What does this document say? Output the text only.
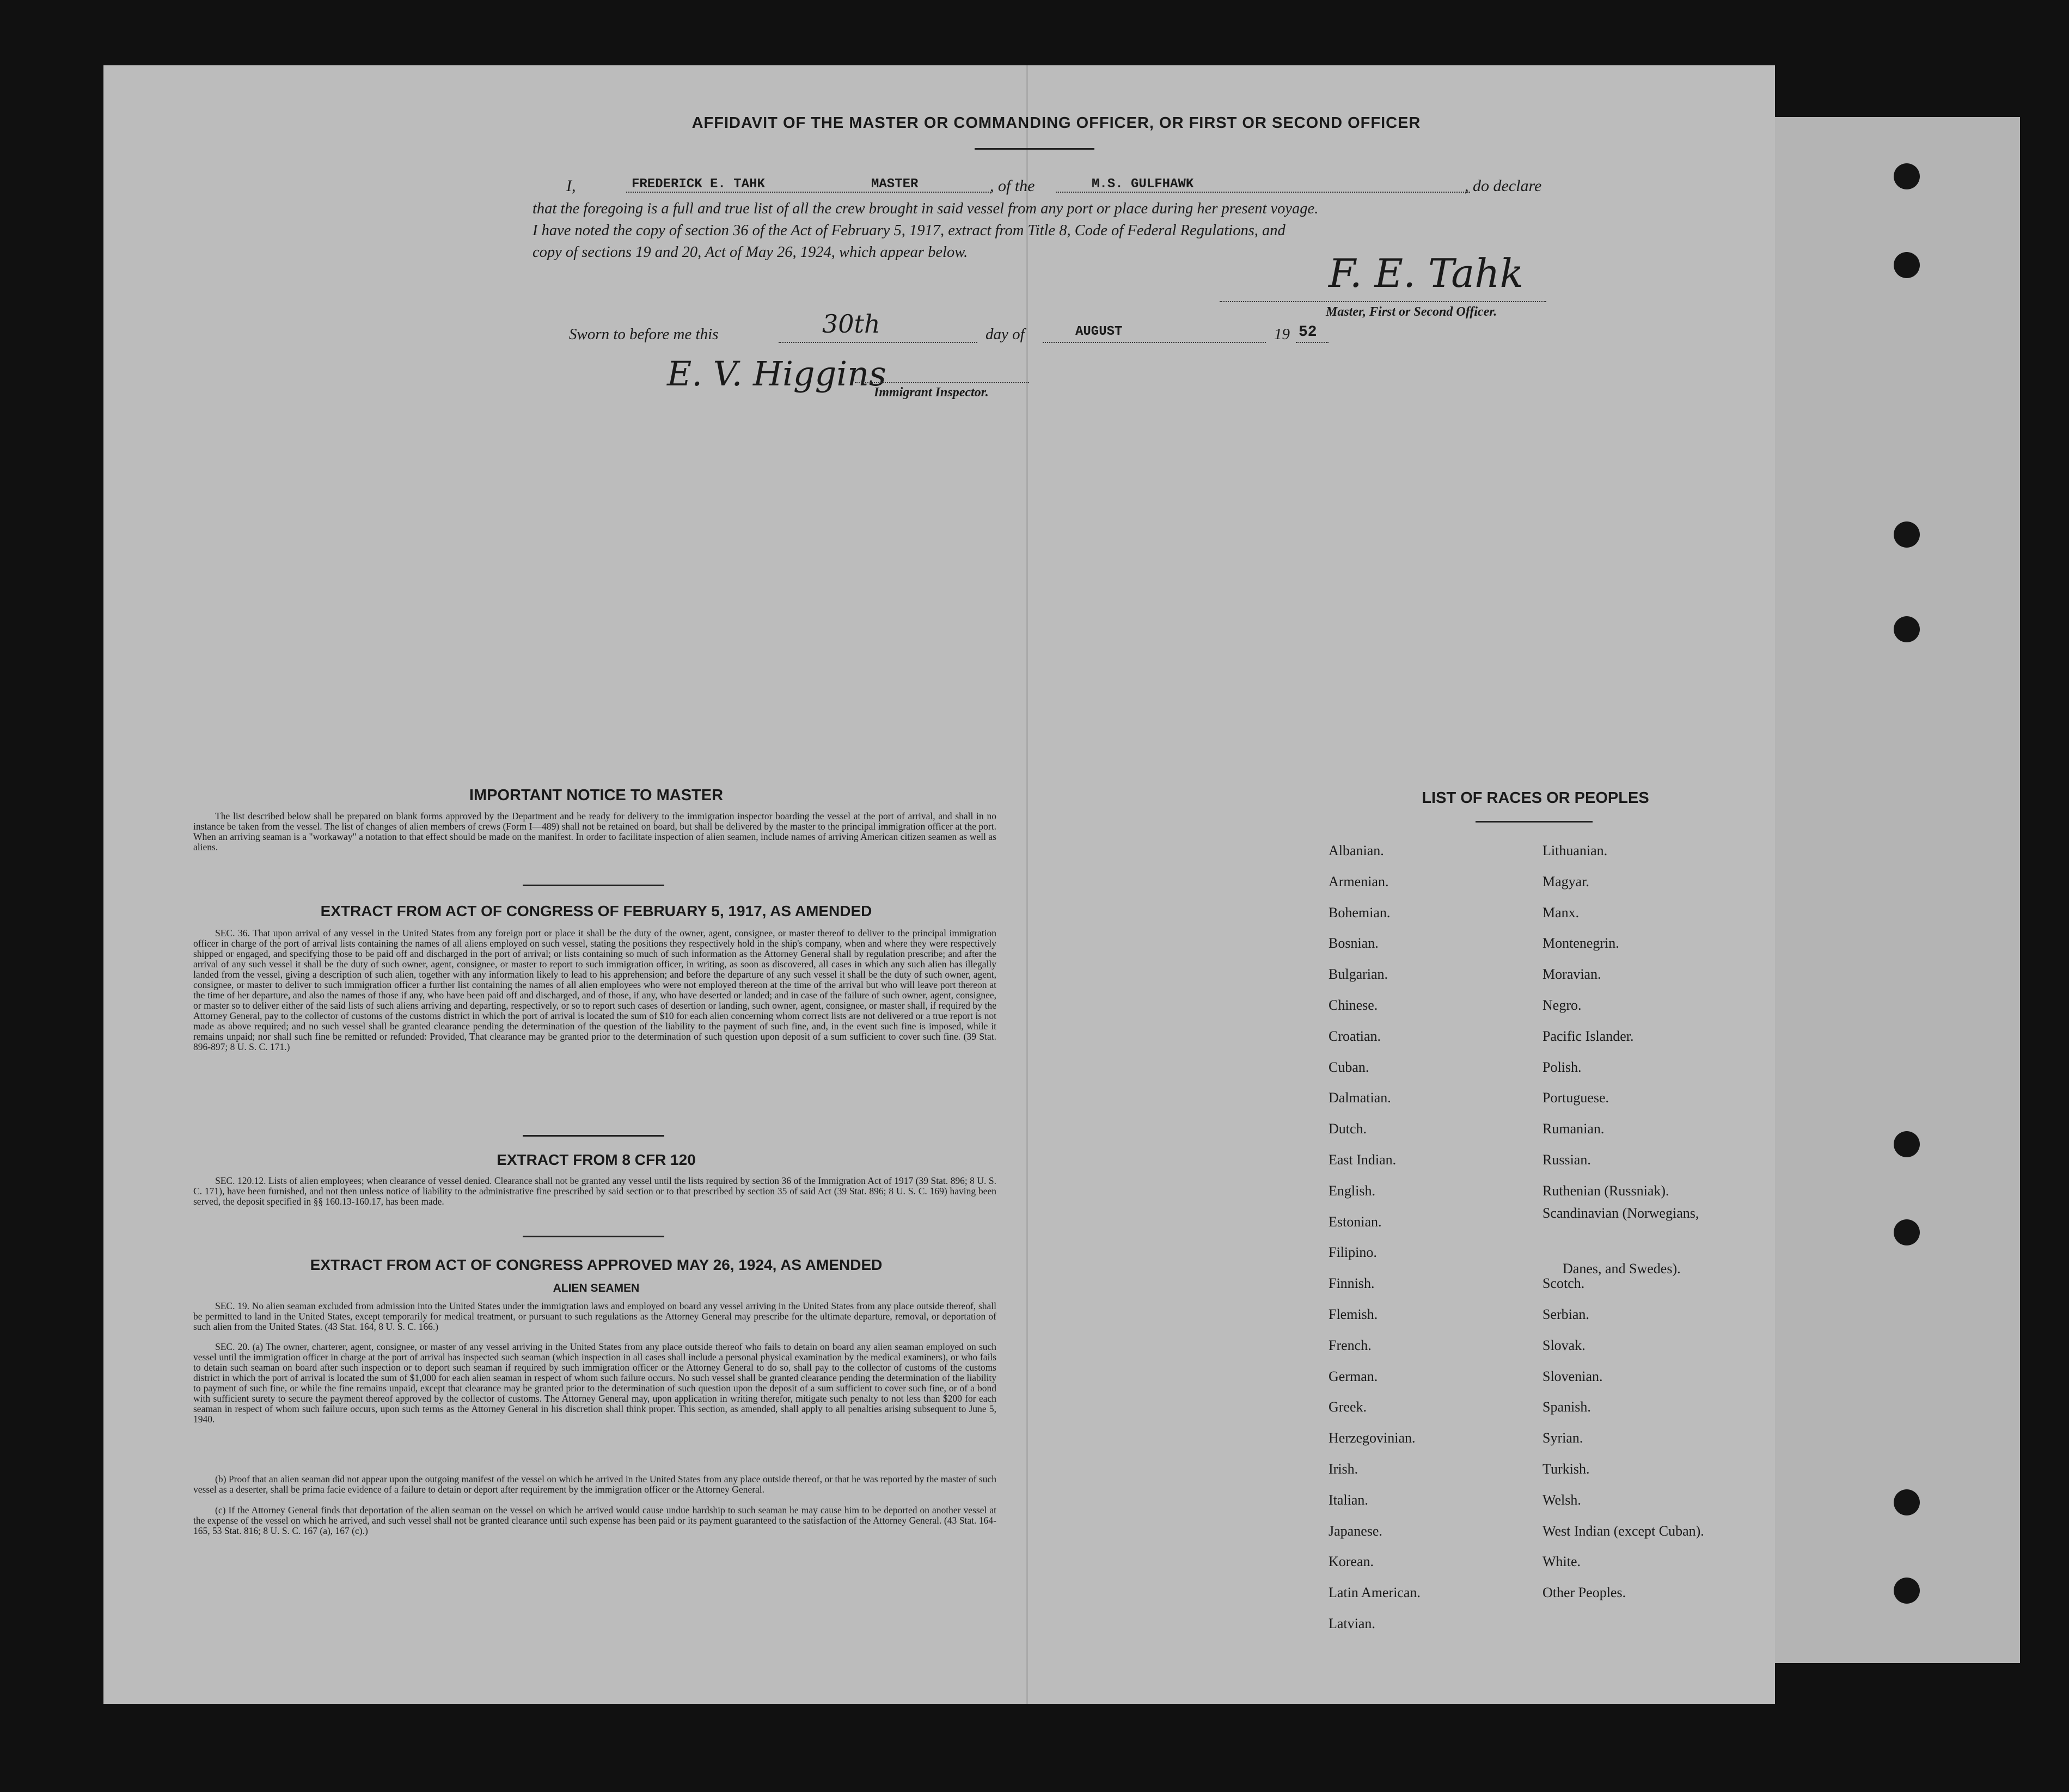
AFFIDAVIT OF THE MASTER OR COMMANDING OFFICER, OR FIRST OR SECOND OFFICER
I,	FREDERICK E. TAHK	MASTER	, of the	M.S. GULFHAWK	, do declare
that the foregoing is a full and true list of all the crew brought in said vessel from any port or place during her present voyage.
I have noted the copy of section 36 of the Act of February 5, 1917, extract from Title 8, Code of Federal Regulations, and
copy of sections 19 and 20, Act of May 26, 1924, which appear below.	F. E. Tahk
Master, First or Second Officer.
Sworn to before me this	30th	day of	AUGUST	19 52
E. V. Higgins
Immigrant Inspector.
IMPORTANT NOTICE TO MASTER
The list described below shall be prepared on blank forms approved by the Department and be ready for delivery to the immigration inspector boarding the vessel at the port of arrival, and shall in no instance be taken from the vessel. The list of changes of alien members of crews (Form I—489) shall not be retained on board, but shall be delivered by the master to the principal immigration officer at the port. When an arriving seaman is a "workaway" a notation to that effect should be made on the manifest. In order to facilitate inspection of alien seamen, include names of arriving American citizen seamen as well as aliens.
EXTRACT FROM ACT OF CONGRESS OF FEBRUARY 5, 1917, AS AMENDED
SEC. 36. That upon arrival of any vessel in the United States from any foreign port or place it shall be the duty of the owner, agent, consignee, or master thereof to deliver to the principal immigration officer in charge of the port of arrival lists containing the names of all aliens employed on such vessel, stating the positions they respectively hold in the ship's company, when and where they were respectively shipped or engaged, and specifying those to be paid off and discharged in the port of arrival; or lists containing so much of such information as the Attorney General shall by regulation prescribe; and after the arrival of any such vessel it shall be the duty of such owner, agent, consignee, or master to report to such immigration officer, in writing, as soon as discovered, all cases in which any such alien has illegally landed from the vessel, giving a description of such alien, together with any information likely to lead to his apprehension; and before the departure of any such vessel it shall be the duty of such owner, agent, consignee, or master to deliver to such immigration officer a further list containing the names of all alien employees who were not employed thereon at the time of the arrival but who will leave port thereon at the time of her departure, and also the names of those if any, who have been paid off and discharged, and of those, if any, who have deserted or landed; and in case of the failure of such owner, agent, consignee, or master so to deliver either of the said lists of such aliens arriving and departing, respectively, or so to report such cases of desertion or landing, such owner, agent, consignee, or master shall, if required by the Attorney General, pay to the collector of customs of the customs district in which the port of arrival is located the sum of $10 for each alien concerning whom correct lists are not delivered or a true report is not made as above required; and no such vessel shall be granted clearance pending the determination of the question of the liability to the payment of such fine, and, in the event such fine is imposed, while it remains unpaid; nor shall such fine be remitted or refunded: Provided, That clearance may be granted prior to the determination of such question upon deposit of a sum sufficient to cover such fine. (39 Stat. 896-897; 8 U. S. C. 171.)
EXTRACT FROM 8 CFR 120
SEC. 120.12. Lists of alien employees; when clearance of vessel denied. Clearance shall not be granted any vessel until the lists required by section 36 of the Immigration Act of 1917 (39 Stat. 896; 8 U. S. C. 171), have been furnished, and not then unless notice of liability to the administrative fine prescribed by said section or to that prescribed by section 35 of said Act (39 Stat. 896; 8 U. S. C. 169) having been served, the deposit specified in §§ 160.13-160.17, has been made.
EXTRACT FROM ACT OF CONGRESS APPROVED MAY 26, 1924, AS AMENDED
ALIEN SEAMEN
SEC. 19. No alien seaman excluded from admission into the United States under the immigration laws and employed on board any vessel arriving in the United States from any place outside thereof, shall be permitted to land in the United States, except temporarily for medical treatment, or pursuant to such regulations as the Attorney General may prescribe for the ultimate departure, removal, or deportation of such alien from the United States. (43 Stat. 164, 8 U. S. C. 166.)
SEC. 20. (a) The owner, charterer, agent, consignee, or master of any vessel arriving in the United States from any place outside thereof who fails to detain on board any alien seaman employed on such vessel until the immigration officer in charge at the port of arrival has inspected such seaman (which inspection in all cases shall include a personal physical examination by the medical examiners), or who fails to detain such seaman on board after such inspection or to deport such seaman if required by such immigration officer or the Attorney General to do so, shall pay to the collector of customs of the customs district in which the port of arrival is located the sum of $1,000 for each alien seaman in respect of whom such failure occurs. No such vessel shall be granted clearance pending the determination of the liability to payment of such fine, or while the fine remains unpaid, except that clearance may be granted prior to the determination of such question upon the deposit of a sum sufficient to cover such fine, or of a bond with sufficient surety to secure the payment thereof approved by the collector of customs. The Attorney General may, upon application in writing therefor, mitigate such penalty to not less than $200 for each seaman in respect of whom such failure occurs, upon such terms as the Attorney General in his discretion shall think proper. This section, as amended, shall apply to all penalties arising subsequent to June 5, 1940.
(b) Proof that an alien seaman did not appear upon the outgoing manifest of the vessel on which he arrived in the United States from any place outside thereof, or that he was reported by the master of such vessel as a deserter, shall be prima facie evidence of a failure to detain or deport after requirement by the immigration officer or the Attorney General.
(c) If the Attorney General finds that deportation of the alien seaman on the vessel on which he arrived would cause undue hardship to such seaman he may cause him to be deported on another vessel at the expense of the vessel on which he arrived, and such vessel shall not be granted clearance until such expense has been paid or its payment guaranteed to the satisfaction of the Attorney General. (43 Stat. 164-165, 53 Stat. 816; 8 U. S. C. 167 (a), 167 (c).)
LIST OF RACES OR PEOPLES
Albanian.
Armenian.
Bohemian.
Bosnian.
Bulgarian.
Chinese.
Croatian.
Cuban.
Dalmatian.
Dutch.
East Indian.
English.
Estonian.
Filipino.
Finnish.
Flemish.
French.
German.
Greek.
Herzegovinian.
Irish.
Italian.
Japanese.
Korean.
Latin American.
Latvian.
Lithuanian.
Magyar.
Manx.
Montenegrin.
Moravian.
Negro.
Pacific Islander.
Polish.
Portuguese.
Rumanian.
Russian.
Ruthenian (Russniak).
Scandinavian (Norwegians,
Danes, and Swedes).
Scotch.
Serbian.
Slovak.
Slovenian.
Spanish.
Syrian.
Turkish.
Welsh.
West Indian (except Cuban).
White.
Other Peoples.
